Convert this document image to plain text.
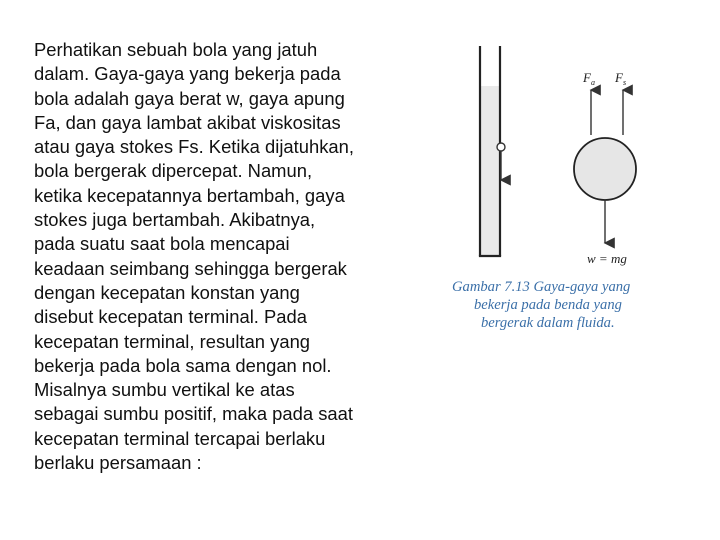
Perhatikan sebuah bola yang jatuh
dalam. Gaya-gaya yang bekerja pada
bola adalah gaya berat w, gaya apung
Fa, dan gaya lambat akibat viskositas
atau gaya stokes Fs. Ketika dijatuhkan,
bola bergerak dipercepat. Namun,
ketika kecepatannya bertambah, gaya
stokes juga bertambah. Akibatnya,
pada suatu saat bola mencapai
keadaan seimbang sehingga bergerak
dengan kecepatan konstan yang
disebut kecepatan terminal. Pada
kecepatan terminal, resultan yang
bekerja pada bola sama dengan nol.
Misalnya sumbu vertikal ke atas
sebagai sumbu positif, maka pada saat
kecepatan terminal tercapai berlaku
berlaku persamaan :
$F_a$ $F_s$
w = mg
Gambar 7.13 Gaya-gaya yang
bekerja pada benda yang
bergerak dalam fluida.
